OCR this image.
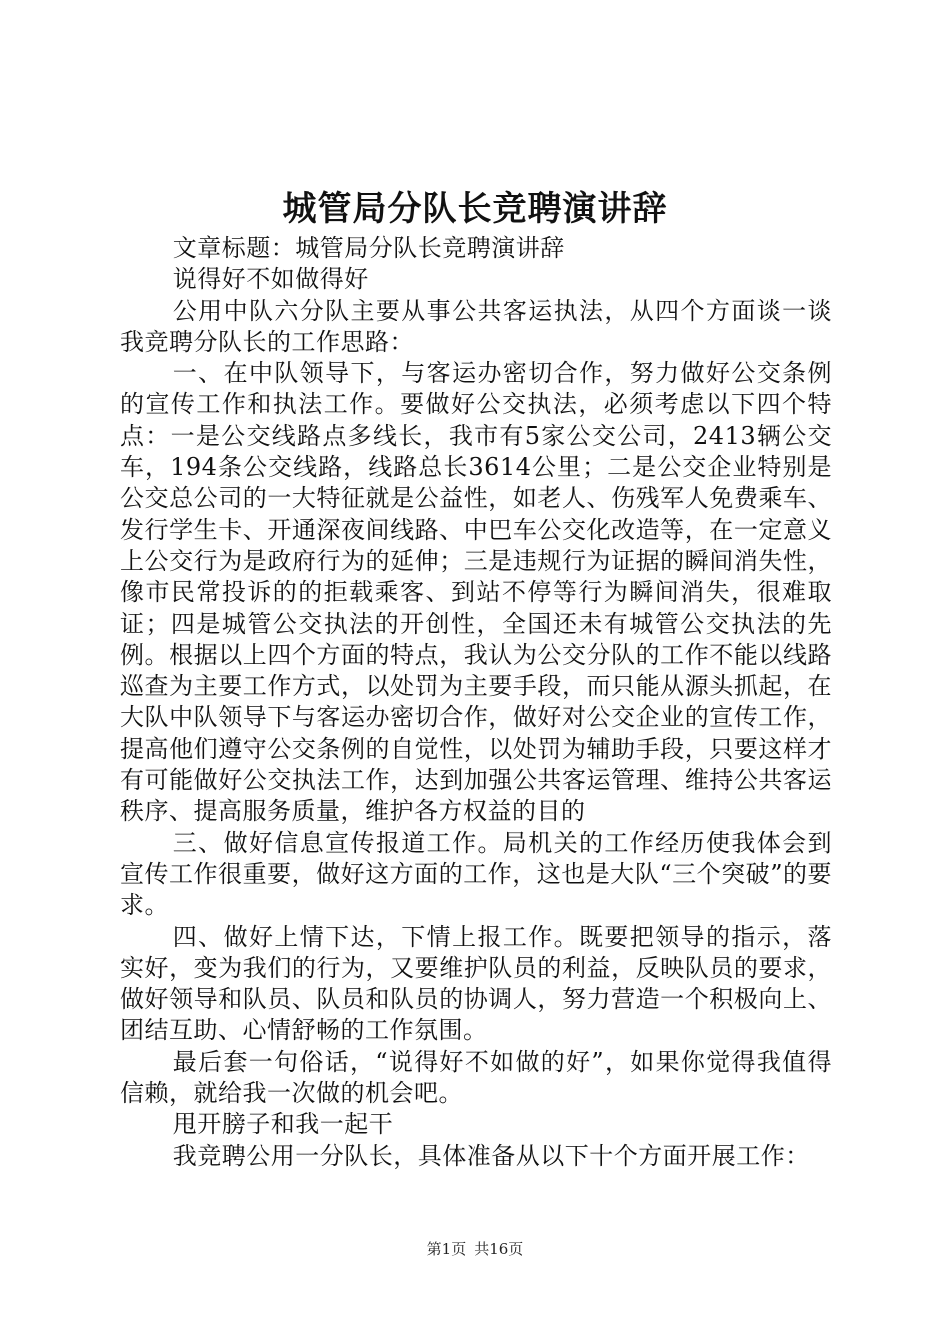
城管局分队长竞聘演讲辞

文章标题：城管局分队长竞聘演讲辞

说得好不如做得好

公用中队六分队主要从事公共客运执法，从四个方面谈一谈我竞聘分队长的工作思路：

一、在中队领导下，与客运办密切合作，努力做好公交条例的宣传工作和执法工作。要做好公交执法，必须考虑以下四个特点：一是公交线路点多线长，我市有5家公交公司，2413辆公交车，194条公交线路，线路总长3614公里；二是公交企业特别是公交总公司的一大特征就是公益性，如老人、伤残军人免费乘车、发行学生卡、开通深夜间线路、中巴车公交化改造等，在一定意义上公交行为是政府行为的延伸；三是违规行为证据的瞬间消失性，像市民常投诉的的拒载乘客、到站不停等行为瞬间消失，很难取证；四是城管公交执法的开创性，全国还未有城管公交执法的先例。根据以上四个方面的特点，我认为公交分队的工作不能以线路巡查为主要工作方式，以处罚为主要手段，而只能从源头抓起，在大队中队领导下与客运办密切合作，做好对公交企业的宣传工作，提高他们遵守公交条例的自觉性，以处罚为辅助手段，只要这样才有可能做好公交执法工作，达到加强公共客运管理、维持公共客运秩序、提高服务质量，维护各方权益的目的

三、做好信息宣传报道工作。局机关的工作经历使我体会到宣传工作很重要，做好这方面的工作，这也是大队“三个突破”的要求。

四、做好上情下达，下情上报工作。既要把领导的指示，落实好，变为我们的行为，又要维护队员的利益，反映队员的要求，做好领导和队员、队员和队员的协调人，努力营造一个积极向上、团结互助、心情舒畅的工作氛围。

最后套一句俗话，“说得好不如做的好”，如果你觉得我值得信赖，就给我一次做的机会吧。

甩开膀子和我一起干

我竞聘公用一分队长，具体准备从以下十个方面开展工作：

第1页 共16页
